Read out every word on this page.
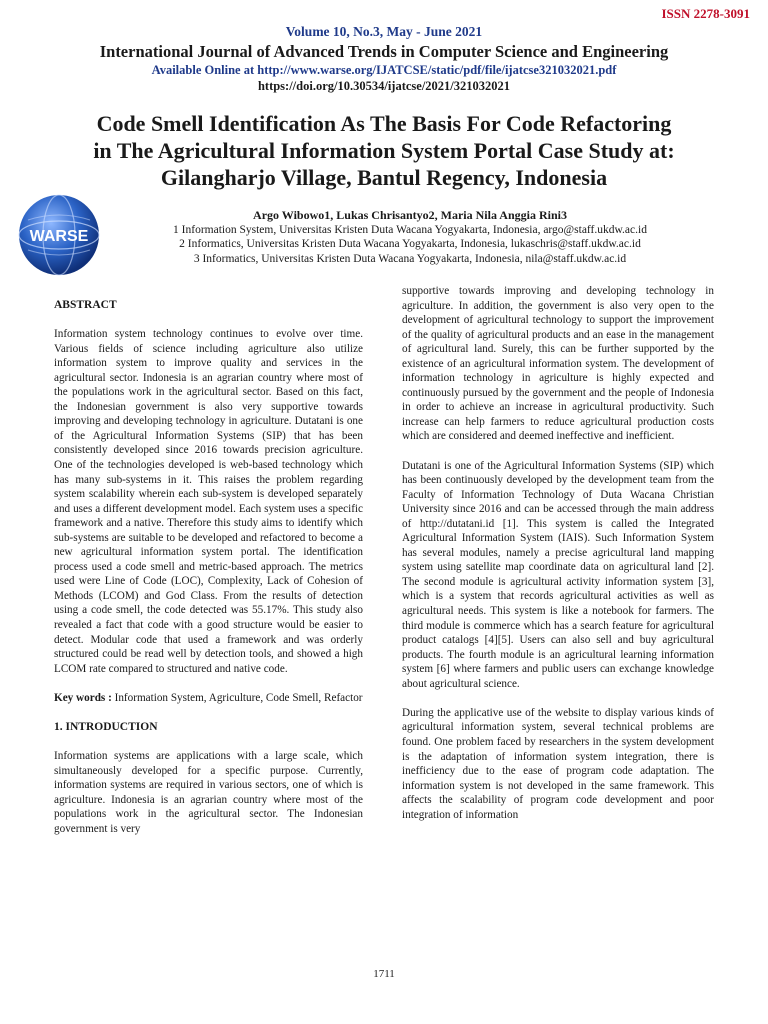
ISSN 2278-3091
Volume 10, No.3, May - June 2021
International Journal of Advanced Trends in Computer Science and Engineering
Available Online at http://www.warse.org/IJATCSE/static/pdf/file/ijatcse321032021.pdf
https://doi.org/10.30534/ijatcse/2021/321032021
Code Smell Identification As The Basis For Code Refactoring
in The Agricultural Information System Portal Case Study at:
Gilangharjo Village, Bantul Regency, Indonesia
WARSE
Argo Wibowo1, Lukas Chrisantyo2, Maria Nila Anggia Rini3
1 Information System, Universitas Kristen Duta Wacana Yogyakarta, Indonesia, argo@staff.ukdw.ac.id
2 Informatics, Universitas Kristen Duta Wacana Yogyakarta, Indonesia, lukaschris@staff.ukdw.ac.id
3 Informatics, Universitas Kristen Duta Wacana Yogyakarta, Indonesia, nila@staff.ukdw.ac.id
ABSTRACT

Information system technology continues to evolve over time. Various fields of science including agriculture also utilize information system to improve quality and services in the agricultural sector. Indonesia is an agrarian country where most of the populations work in the agricultural sector. Based on this fact, the Indonesian government is also very supportive towards improving and developing technology in agriculture. Dutatani is one of the Agricultural Information Systems (SIP) that has been consistently developed since 2016 towards precision agriculture. One of the technologies developed is web-based technology which has many sub-systems in it. This raises the problem regarding system scalability wherein each sub-system is developed separately and uses a different development model. Each system uses a specific framework and a native. Therefore this study aims to identify which sub-systems are suitable to be developed and refactored to become a new agricultural information system portal. The identification process used a code smell and metric-based approach. The metrics used were Line of Code (LOC), Complexity, Lack of Cohesion of Methods (LCOM) and God Class. From the results of detection using a code smell, the code detected was 55.17%. This study also revealed a fact that code with a good structure would be easier to detect. Modular code that used a framework and was orderly structured could be read well by detection tools, and showed a high LCOM rate compared to structured and native code.

Key words : Information System, Agriculture, Code Smell, Refactor

1. INTRODUCTION

Information systems are applications with a large scale, which simultaneously developed for a specific purpose. Currently, information systems are required in various sectors, one of which is agriculture. Indonesia is an agrarian country where most of the populations work in the agricultural sector. The Indonesian government is very

supportive towards improving and developing technology in agriculture. In addition, the government is also very open to the development of agricultural technology to support the improvement of the quality of agricultural products and an ease in the management of agricultural land. Surely, this can be further supported by the existence of an agricultural information system. The development of information technology in agriculture is highly expected and continuously pursued by the government and the people of Indonesia in order to achieve an increase in agricultural productivity. Such increase can help farmers to reduce agricultural production costs which are considered and deemed ineffective and inefficient.

Dutatani is one of the Agricultural Information Systems (SIP) which has been continuously developed by the development team from the Faculty of Information Technology of Duta Wacana Christian University since 2016 and can be accessed through the main address of http://dutatani.id [1]. This system is called the Integrated Agricultural Information System (IAIS). Such Information System has several modules, namely a precise agricultural land mapping system using satellite map coordinate data on agricultural land [2]. The second module is agricultural activity information system [3], which is a system that records agricultural activities as well as agricultural needs. This system is like a notebook for farmers. The third module is commerce which has a search feature for agricultural product catalogs [4][5]. Users can also sell and buy agricultural products. The fourth module is an agricultural learning information system [6] where farmers and public users can exchange knowledge about agricultural science.

During the applicative use of the website to display various kinds of agricultural information system, several technical problems are found. One problem faced by researchers in the system development is the adaptation of information system integration, there is inefficiency due to the ease of program code adaptation. The information system is not developed in the same framework. This affects the scalability of program code development and poor integration of information

1711
